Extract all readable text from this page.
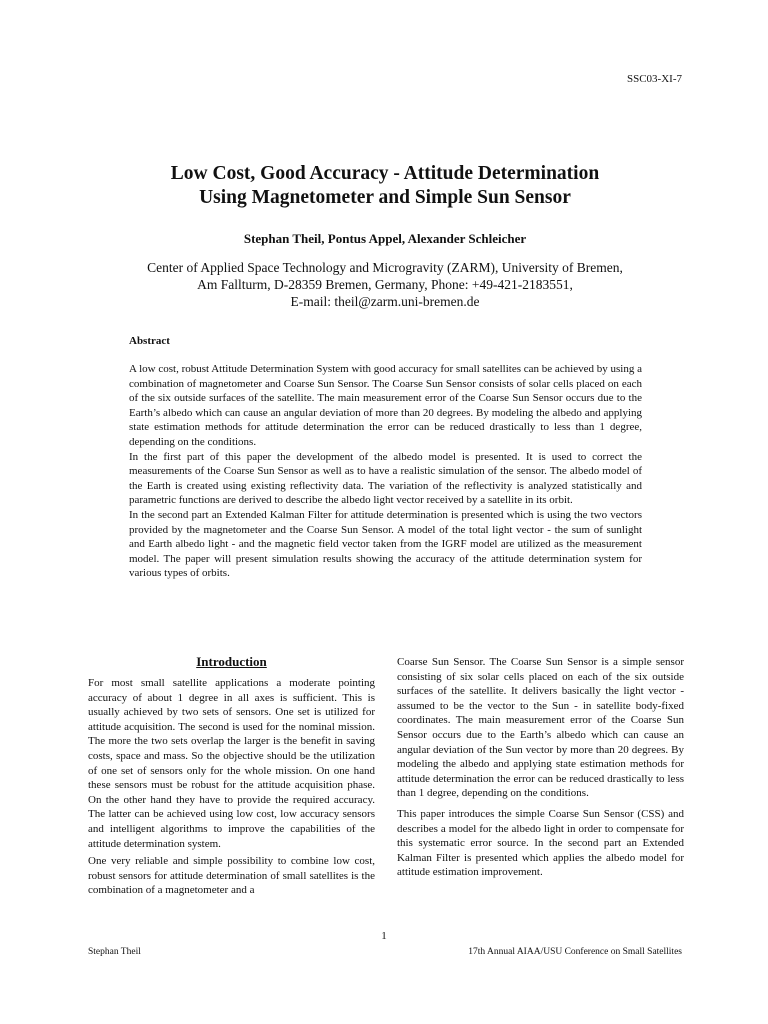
SSC03-XI-7
Low Cost, Good Accuracy - Attitude Determination
Using Magnetometer and Simple Sun Sensor
Stephan Theil, Pontus Appel, Alexander Schleicher
Center of Applied Space Technology and Microgravity (ZARM), University of Bremen,
Am Fallturm, D-28359 Bremen, Germany, Phone: +49-421-2183551,
E-mail: theil@zarm.uni-bremen.de
Abstract

A low cost, robust Attitude Determination System with good accuracy for small satellites can be achieved by using a combination of magnetometer and Coarse Sun Sensor. The Coarse Sun Sensor consists of solar cells placed on each of the six outside surfaces of the satellite. The main measurement error of the Coarse Sun Sensor occurs due to the Earth’s albedo which can cause an angular deviation of more than 20 degrees. By modeling the albedo and applying state estimation methods for attitude determination the error can be reduced drastically to less than 1 degree, depending on the conditions.

In the first part of this paper the development of the albedo model is presented. It is used to correct the measurements of the Coarse Sun Sensor as well as to have a realistic simulation of the sensor. The albedo model of the Earth is created using existing reflectivity data. The variation of the reflectivity is analyzed statistically and parametric functions are derived to describe the albedo light vector received by a satellite in its orbit.

In the second part an Extended Kalman Filter for attitude determination is presented which is using the two vectors provided by the magnetometer and the Coarse Sun Sensor. A model of the total light vector - the sum of sunlight and Earth albedo light - and the magnetic field vector taken from the IGRF model are utilized as the measurement model. The paper will present simulation results showing the accuracy of the attitude determination system for various types of orbits.

Introduction

For most small satellite applications a moderate pointing accuracy of about 1 degree in all axes is sufficient. This is usually achieved by two sets of sensors. One set is utilized for attitude acquisition. The second is used for the nominal mission. The more the two sets overlap the larger is the benefit in saving costs, space and mass. So the objective should be the utilization of one set of sensors only for the whole mission. On one hand these sensors must be robust for the attitude acquisition phase. On the other hand they have to provide the required accuracy. The latter can be achieved using low cost, low accuracy sensors and intelligent algorithms to improve the capabilities of the attitude determination system.

One very reliable and simple possibility to combine low cost, robust sensors for attitude determination of small satellites is the combination of a magnetometer and a

Coarse Sun Sensor. The Coarse Sun Sensor is a simple sensor consisting of six solar cells placed on each of the six outside surfaces of the satellite. It delivers basically the light vector - assumed to be the vector to the Sun - in satellite body-fixed coordinates. The main measurement error of the Coarse Sun Sensor occurs due to the Earth’s albedo which can cause an angular deviation of the Sun vector by more than 20 degrees. By modeling the albedo and applying state estimation methods for attitude determination the error can be reduced drastically to less than 1 degree, depending on the conditions.

This paper introduces the simple Coarse Sun Sensor (CSS) and describes a model for the albedo light in order to compensate for this systematic error source. In the second part an Extended Kalman Filter is presented which applies the albedo model for attitude estimation improvement.

1
Stephan Theil	17th Annual AIAA/USU Conference on Small Satellites
